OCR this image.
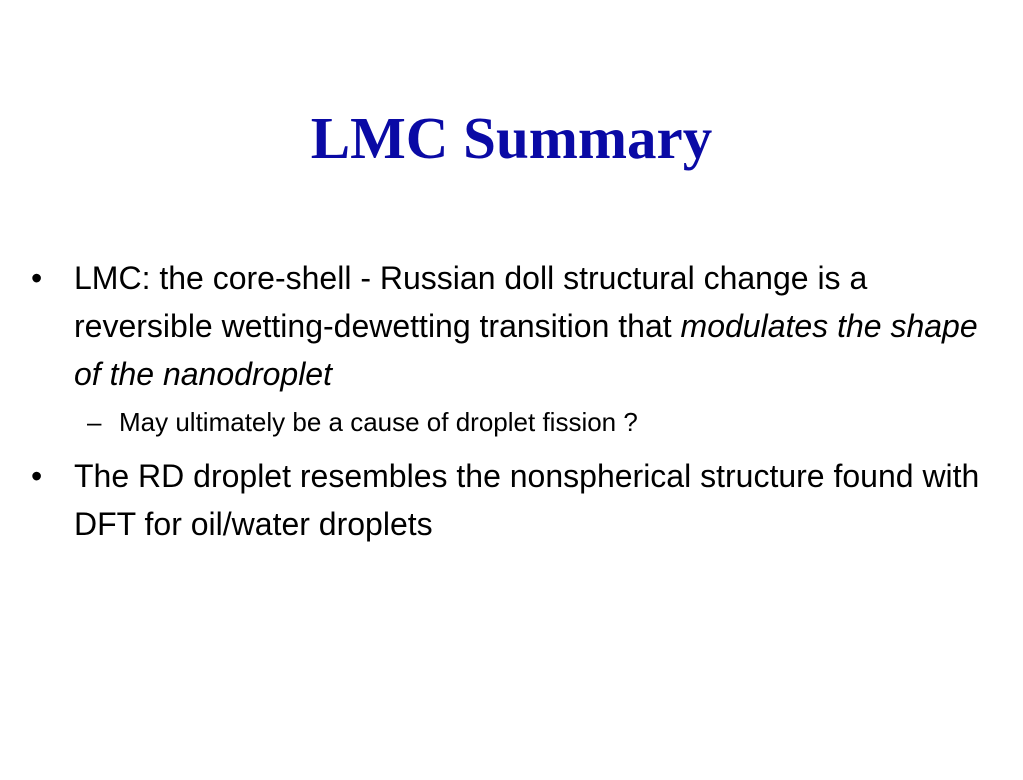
LMC Summary
• LMC: the core-shell - Russian doll structural change is a reversible wetting-dewetting transition that modulates the shape of the nanodroplet
– May ultimately be a cause of droplet fission ?
• The RD droplet resembles the nonspherical structure found with DFT for oil/water droplets
